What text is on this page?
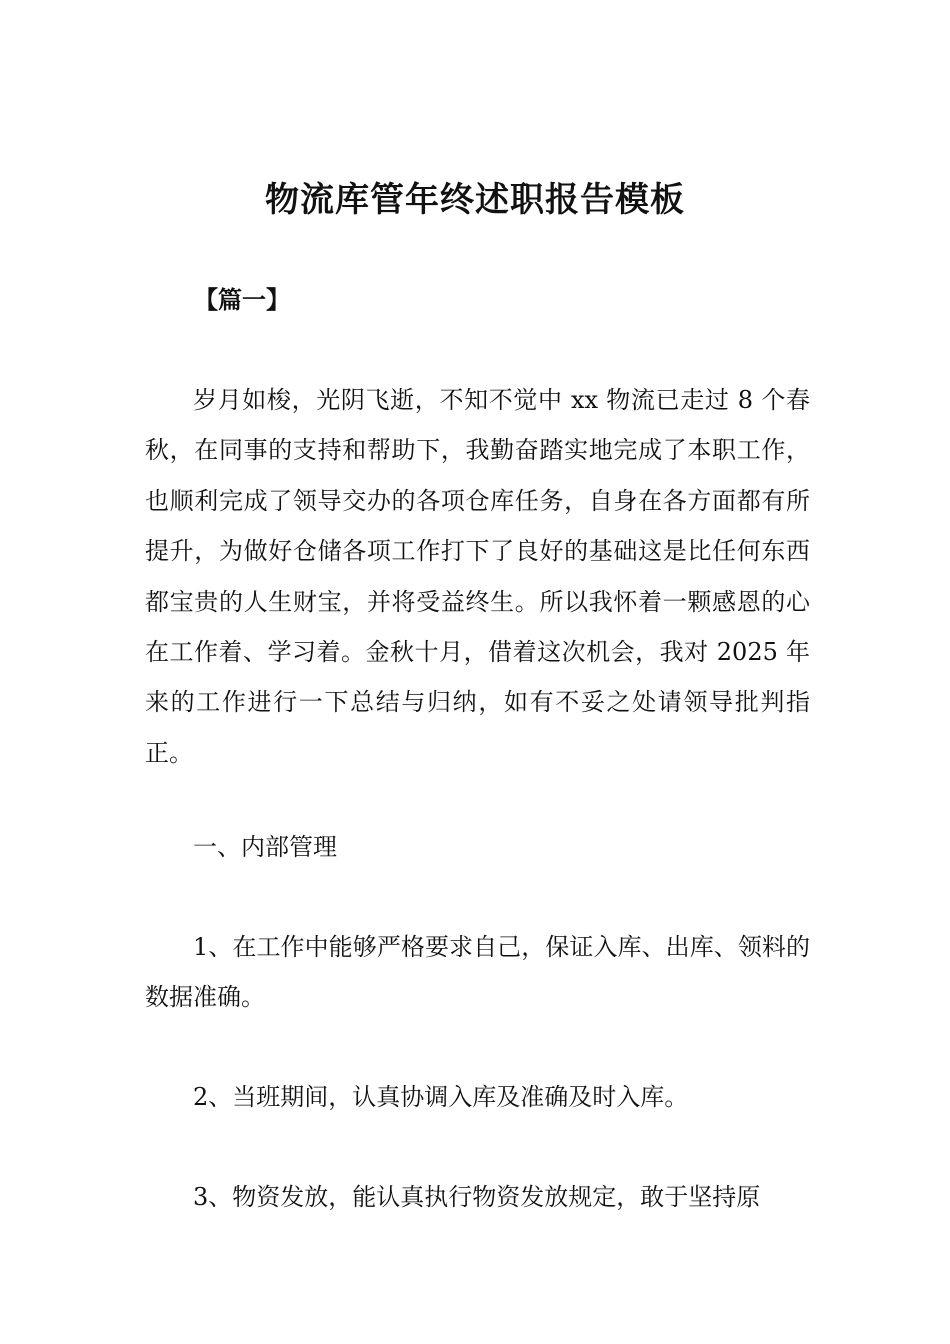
物流库管年终述职报告模板

【篇一】

岁月如梭，光阴飞逝，不知不觉中 xx 物流已走过 8 个春秋，在同事的支持和帮助下，我勤奋踏实地完成了本职工作，也顺利完成了领导交办的各项仓库任务，自身在各方面都有所提升，为做好仓储各项工作打下了良好的基础这是比任何东西都宝贵的人生财宝，并将受益终生。所以我怀着一颗感恩的心在工作着、学习着。金秋十月，借着这次机会，我对 2025 年来的工作进行一下总结与归纳，如有不妥之处请领导批判指正。

一、内部管理

1、在工作中能够严格要求自己，保证入库、出库、领料的数据准确。

2、当班期间，认真协调入库及准确及时入库。

3、物资发放，能认真执行物资发放规定，敢于坚持原
